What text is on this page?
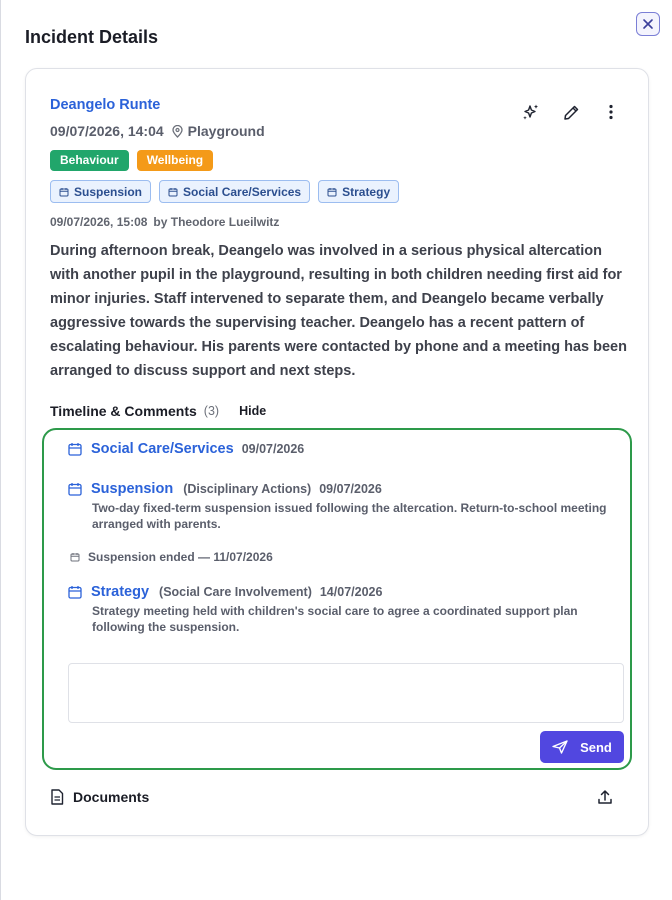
Incident Details
Deangelo Runte
09/07/2026, 14:04 Playground
Behaviour	Wellbeing
Suspension	Social Care/Services	Strategy
09/07/2026, 15:08 by Theodore Lueilwitz
During afternoon break, Deangelo was involved in a serious physical altercation with another pupil in the playground, resulting in both children needing first aid for minor injuries. Staff intervened to separate them, and Deangelo became verbally aggressive towards the supervising teacher. Deangelo has a recent pattern of escalating behaviour. His parents were contacted by phone and a meeting has been arranged to discuss support and next steps.
Timeline & Comments (3) Hide
Social Care/Services 09/07/2026
Suspension (Disciplinary Actions) 09/07/2026
Two-day fixed-term suspension issued following the altercation. Return-to-school meeting arranged with parents.
Suspension ended — 11/07/2026
Strategy (Social Care Involvement) 14/07/2026
Strategy meeting held with children's social care to agree a coordinated support plan following the suspension.
Send
Documents
